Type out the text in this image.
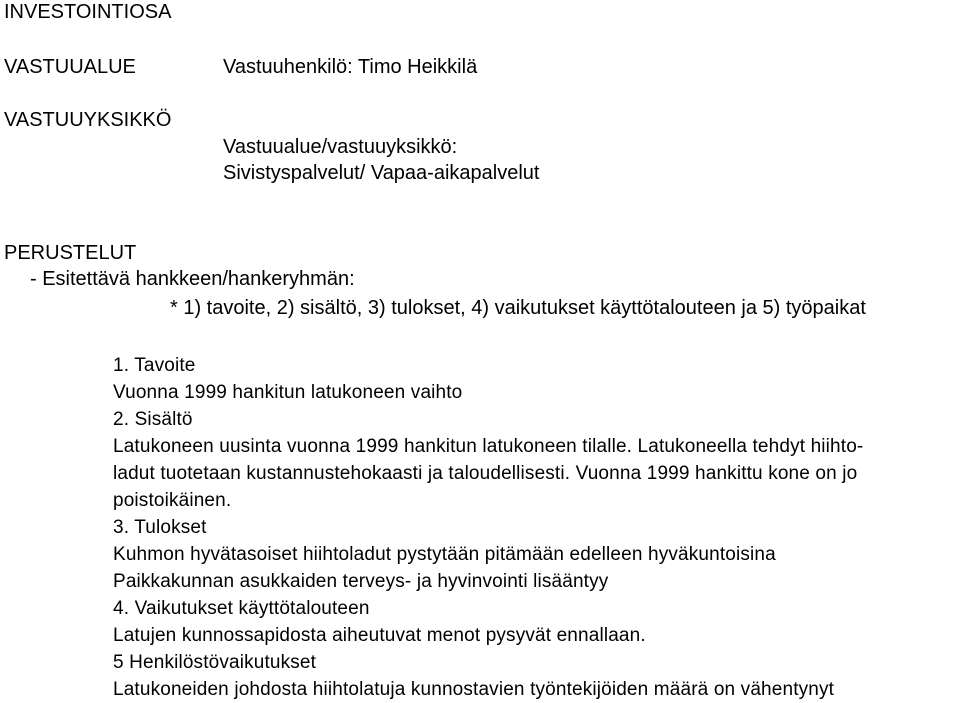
INVESTOINTIOSA
VASTUUALUE	Vastuuhenkilö: Timo Heikkilä
VASTUUYKSIKKÖ
Vastuualue/vastuuyksikkö:
Sivistyspalvelut/ Vapaa-aikapalvelut
PERUSTELUT
- Esitettävä hankkeen/hankeryhmän:
* 1) tavoite, 2) sisältö, 3) tulokset, 4) vaikutukset käyttötalouteen ja 5) työpaikat
1. Tavoite
Vuonna 1999 hankitun latukoneen vaihto
2. Sisältö
Latukoneen uusinta vuonna 1999 hankitun latukoneen tilalle. Latukoneella tehdyt hiihto-
ladut tuotetaan kustannustehokaasti ja taloudellisesti. Vuonna 1999 hankittu kone on jo
poistoikäinen.
3. Tulokset
Kuhmon hyvätasoiset hiihtoladut pystytään pitämään edelleen hyväkuntoisina
Paikkakunnan asukkaiden terveys- ja hyvinvointi lisääntyy
4. Vaikutukset käyttötalouteen
Latujen kunnossapidosta aiheutuvat menot pysyvät ennallaan.
5 Henkilöstövaikutukset
Latukoneiden johdosta hiihtolatuja kunnostavien työntekijöiden määrä on vähentynyt
